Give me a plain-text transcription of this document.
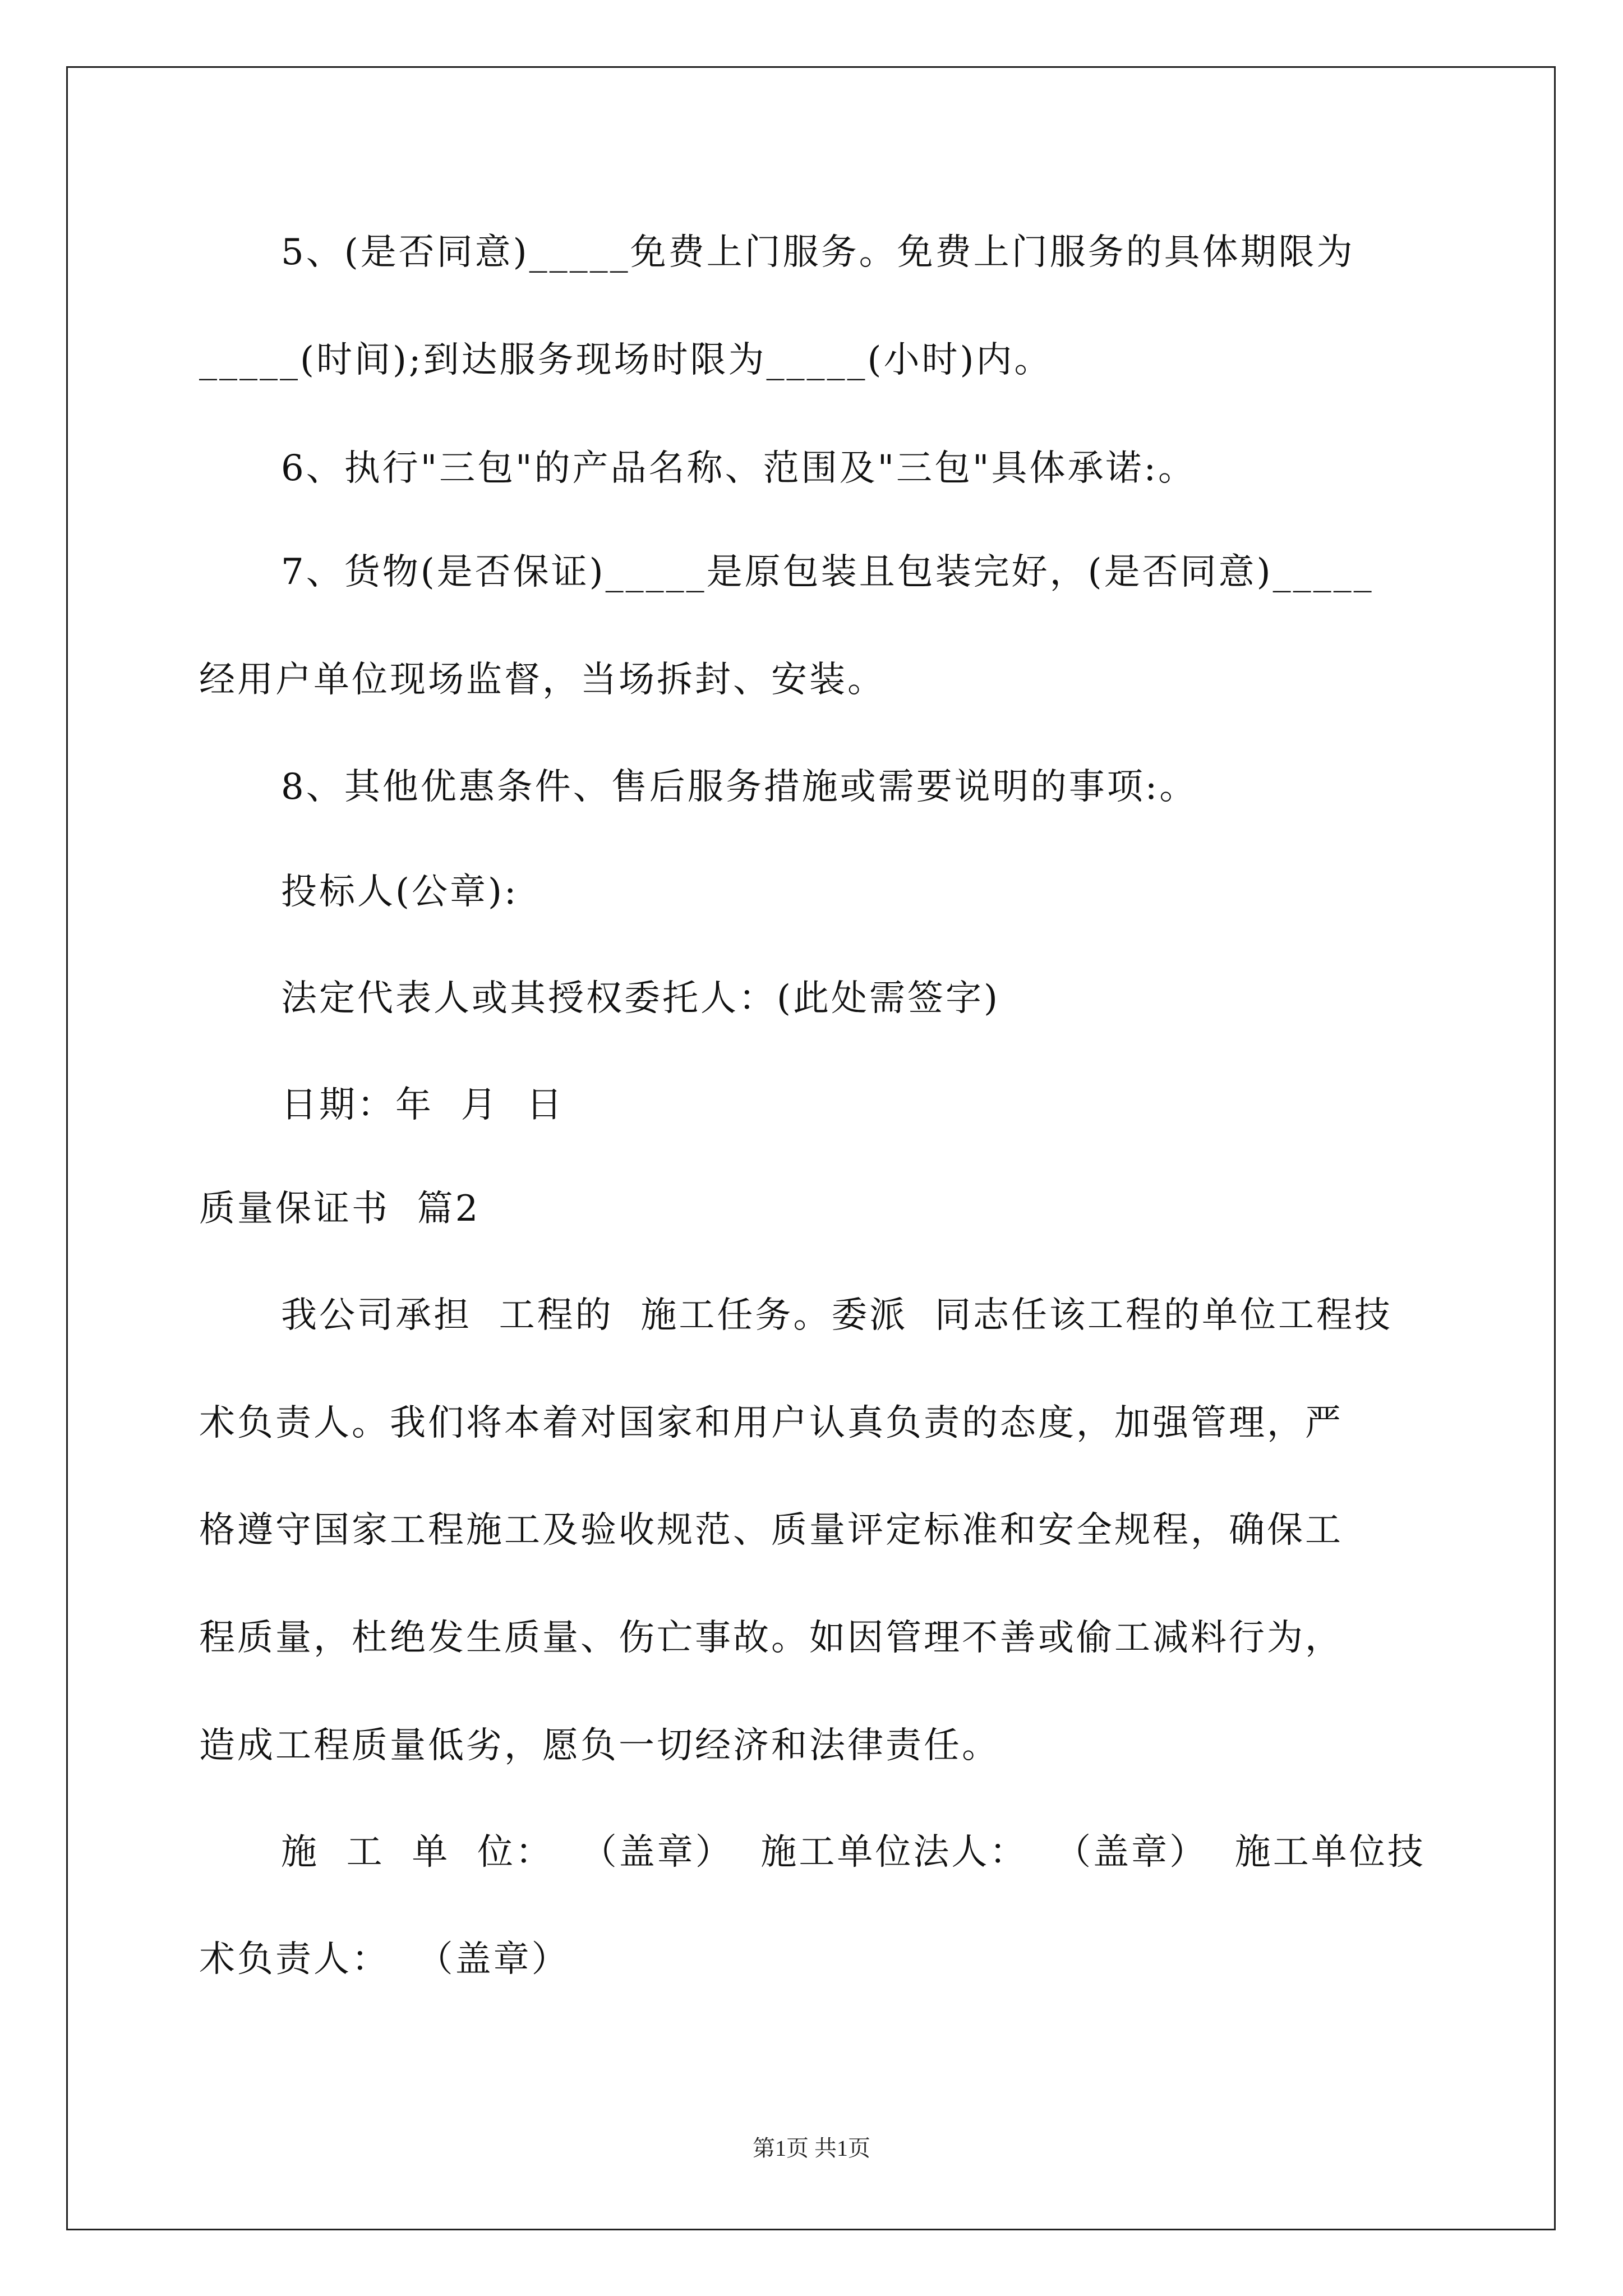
5、(是否同意)_____免费上门服务。免费上门服务的具体期限为
_____(时间);到达服务现场时限为_____(小时)内。
6、执行"三包"的产品名称、范围及"三包"具体承诺:。
7、货物(是否保证)_____是原包装且包装完好，(是否同意)_____
经用户单位现场监督，当场拆封、安装。
8、其他优惠条件、售后服务措施或需要说明的事项:。
投标人(公章):
法定代表人或其授权委托人：(此处需签字)
日期：年  月  日
质量保证书  篇2
我公司承担  工程的  施工任务。委派  同志任该工程的单位工程技
术负责人。我们将本着对国家和用户认真负责的态度，加强管理，严
格遵守国家工程施工及验收规范、质量评定标准和安全规程，确保工
程质量，杜绝发生质量、伤亡事故。如因管理不善或偷工减料行为，
造成工程质量低劣，愿负一切经济和法律责任。
施  工  单  位：  （盖章）  施工单位法人：  （盖章）  施工单位技
术负责人：  （盖章）
第1页 共1页
